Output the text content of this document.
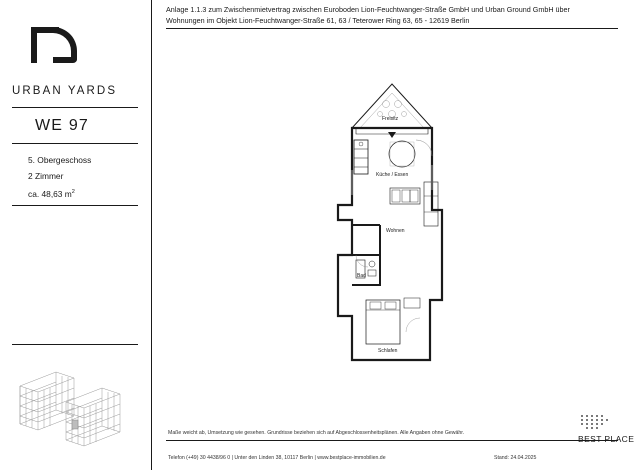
Anlage 1.1.3 zum Zwischenmietvertrag zwischen Euroboden Lion-Feuchtwanger-Straße GmbH und Urban Ground GmbH über
Wohnungen im Objekt Lion-Feuchtwanger-Straße 61, 63 / Teterower Ring 63, 65 - 12619 Berlin
URBAN YARDS
WE 97
5. Obergeschoss
2 Zimmer
ca. 48,63 $m^2$
Freisitz
Küche / Essen
Wohnen
Bad
Schlafen
Maße weicht ab, Umsetzung wie gesehen. Grundrisse beziehen sich auf Abgeschlossenheitsplänen. Alle Angaben ohne Gewähr.
Telefon (+49) 30 4438/96 0 | Unter den Linden 38, 10117 Berlin | www.bestplace-immobilien.de	Stand: 24.04.2025
BEST PLACE
